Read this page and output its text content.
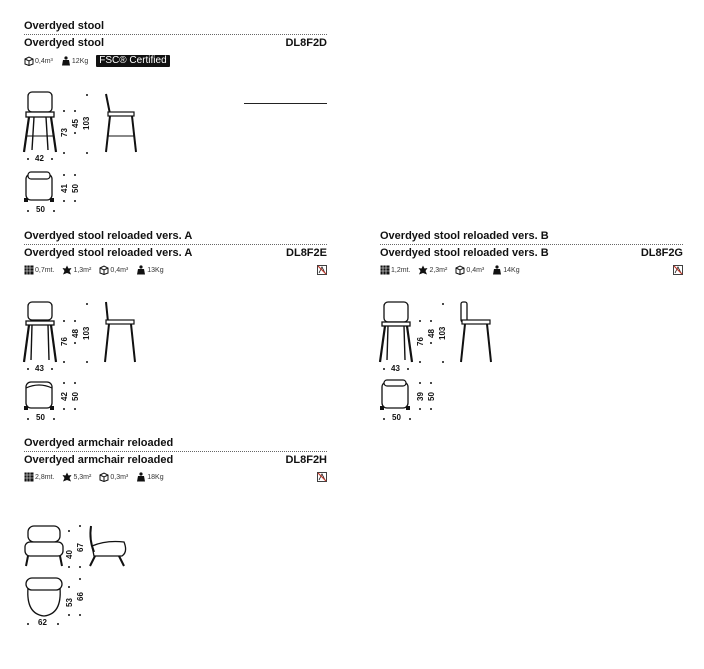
Overdyed stool
Overdyed stool	DL8F2D
0,4m³	12Kg	FSC® Certified
42
73
45 103
50
41 50
Overdyed stool reloaded vers. A
Overdyed stool reloaded vers. A	DL8F2E
0,7mt.	1,3m²	0,4m³	13Kg
43
76
48 103
50
42 50
Overdyed stool reloaded vers. B
Overdyed stool reloaded vers. B	DL8F2G
1,2mt.	2,3m²	0,4m³	14Kg
43
76
48 103
50
39 50
Overdyed armchair reloaded
Overdyed armchair reloaded	DL8F2H
2,8mt.	5,3m²	0,3m³	18Kg
40
67
62
53
66
